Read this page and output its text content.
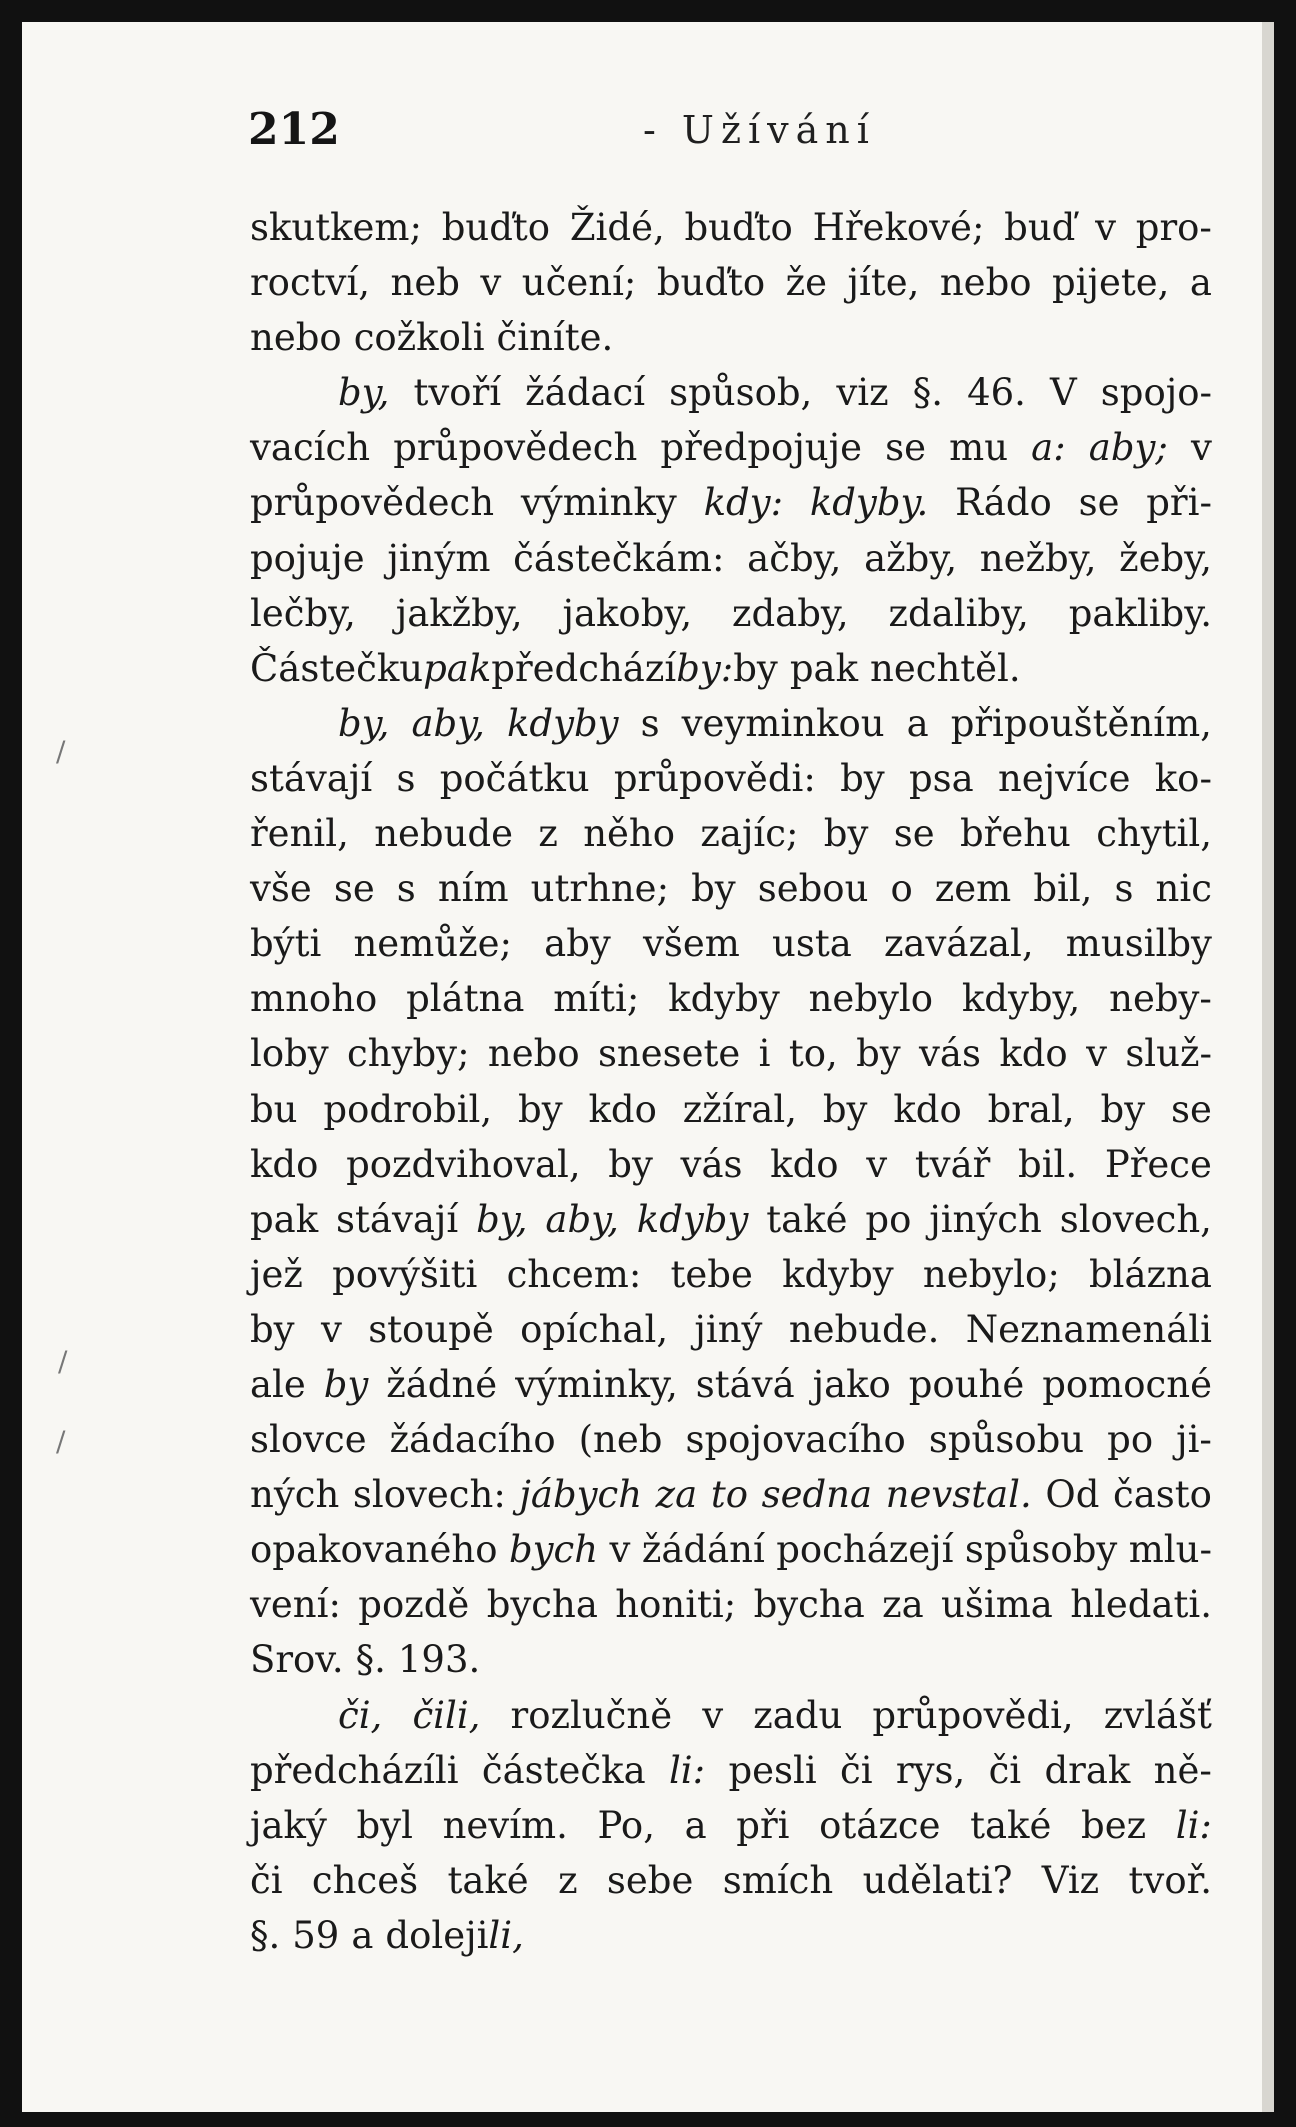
212	- Užívání
skutkem; buďto Židé, buďto Hřekové; buď v pro-
roctví, neb v učení; buďto že jíte, nebo pijete, a
nebo cožkoli činíte.
by, tvoří žádací spůsob, viz §. 46. V spojo-
vacích průpovědech předpojuje se mu a: aby; v
průpovědech výminky kdy: kdyby. Rádo se při-
pojuje jiným částečkám: ačby, ažby, nežby, žeby,
lečby, jakžby, jakoby, zdaby, zdaliby, pakliby.
Částečku pak předchází by: by pak nechtěl.
by, aby, kdyby s veyminkou a připouštěním,
stávají s počátku průpovědi: by psa nejvíce ko-
řenil, nebude z něho zajíc; by se břehu chytil,
vše se s ním utrhne; by sebou o zem bil, s nic
býti nemůže; aby všem usta zavázal, musilby
mnoho plátna míti; kdyby nebylo kdyby, neby-
loby chyby; nebo snesete i to, by vás kdo v služ-
bu podrobil, by kdo zžíral, by kdo bral, by se
kdo pozdvihoval, by vás kdo v tvář bil. Přece
pak stávají by, aby, kdyby také po jiných slovech,
jež povýšiti chcem: tebe kdyby nebylo; blázna
by v stoupě opíchal, jiný nebude. Neznamenáli
ale by žádné výminky, stává jako pouhé pomocné
slovce žádacího (neb spojovacího spůsobu po ji-
ných slovech: jábych za to sedna nevstal. Od často
opakovaného bych v žádání pocházejí spůsoby mlu-
vení: pozdě bycha honiti; bycha za ušima hledati.
Srov. §. 193.
či, čili, rozlučně v zadu průpovědi, zvlášť
předcházíli částečka li: pesli či rys, či drak ně-
jaký byl nevím. Po, a při otázce také bez li:
či chceš také z sebe smích udělati? Viz tvoř.
§. 59 a doleji li,
/
/
/
